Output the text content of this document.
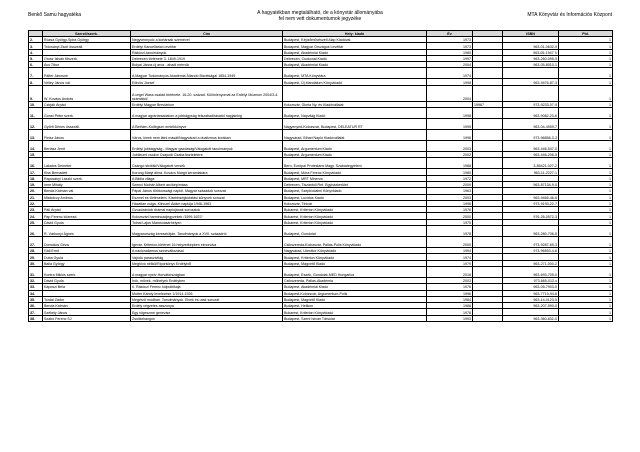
Benkő Samu hagyatéka	A hagyatékban megtalálható, de a könyvtár állományába
fel nem vett dokumentumok jegyzéke
MTA Könyvtár és Információs Központ
	Szerző/szerk.	Cím	Hely: kiadó	Év		ISBN	Pld.
2.	Rózsa György-Spira György	Negyvennyolc a kortársak szemével	Budapest, Képzőművészeti Alap Kiadóvál.	1973			1
3.	Trócsányi Zsolt összeáll.	Erdélyi Kancelláriai Levéltár	Budapest, Magyar Országos Levéltár	1973		963-01-0632-9	1
4.		Rákóczi-tanulmányok	Budapest, Akadémiai Kiadó	1980		963-05-1947 X	1
5.	Orosz István főszerk.	Debrecen története 3. 1849-1919	Debrecen, Csokonai Kiadó	1997		963-260-095-9	1
6.	Ács Tibor	Bolyai János új arca - ahadi mérnök	Budapest, Akadémiai Kiadó	2004		963-05-8010-1	1
7.	Pálfer Jánosné	A Magyar Tudományos Akadémia Állandó Bizottságai 1854-1949	Budapest, MTA Könyvtára	1974			1
8.	Velley János vál.	Eötvös József	Budapest, Új Mandátum Könyvkiadó	1998		963-9476-87-3	1
9.	W. Kovács András	A cegei Wass család története. 16-20. század. Különlenyomat az Erdélyi Múzeum 2004/3-4. számából		2004			1
10.	Czirják Árpád	Erdélyi Magyar Breviárium	Kolozsvár, Gloria Ny. és Kiadóvállalat		19967	973-9233-07-9	1
11.	Gunst Péter szerk.	A magyar agrártársadalom a jobbágyság felszabadításától napjainkig	Budapest, Napvilág Kiadó	1998		963-9082-23-6	1
12.	Győrfi Dénes összeáll.	A Bethlen-Kollégium emlékkönyve	Nagyenyed-Kolozsvár, Budapest, DELEATUR RT	1995		963-04-4959-7	1
13.	Fleisz János	Város, kinek nem látni mását/Nagyvárad a dualizmus korában	Nagyvárad, Bihari Napló Kiadóvállalat	1996		973-96856-3-3	1
14.	Bertász Jenő	Erdélyi jobbágyság - Magyar gazdaság/Válogatott tanulmányok	Budapest, Argumentum Kiadó	2003		963-446-547-0	1
15.		Jubileumi csokor Csapodi Csaba tiszteletére	Budapest, Argumentum Kiadó	2002		963-446-206-5	1
16.	Lakatos Demeter	Csángó strófák/Válogatott versek	Bern, Európai Protestáns Magy. Szabadegyetem	1988		3-85421-027-2	1
17.	Kiss Bernadett	Korong Matyi álma. Kovács Margit keramiakára	Budapest, Móra Ferenc Könyvkiadó	1980		963-11-2227-1	1
18.	Rapcsányi László szerk.	A Biblia világa	Budapest, MRT Minerva	1972			1
19.	Imre Mihály	Szenci Molnár Albert arc/kép/mása	Debrecen, Tiszántúli Ref. Egyházkerület	2009		963-87134-9-0	1
20.	Benda Kálmán vál.	Pápai János törökországi naplói. Magyar századok sorozat	Budapest, Szépirodalmi Könyvkiadó	1963			1
21.	Miskolczy Ambrus	Eszmei és történelem. Kisebbségkutatási könyvek sorozat	Budapest, Lucidus Kiadó	2003		963-9465-46-6	1
22.		Házatlan csiga. Kiinczei Ádám naplója 1946-1963	Kolozsvár, Tinivár	1996		973-9193-22-7	1
23.	Páll Árpád	Gvozdzárdok drámai naplójának sorozatok	Bukarest, Kriterion Könyvkiadó	1976			1
24.	Pap Ferenc közread.	Kolozsvári harmincadjegyzékek /1599-1637/	Bukarest, Kriterion Könyvkiadó	2000		976-26-0572-3	1
25.	Dávid Gyula	Tolnai Lajos Marosvásárhelyen	Bukarest, Kriterion Könyvkiadó	1975			1
26.	R. Várkonyi Ágnes	Magyarország keresztútján. Tanulmányok a XVII. századról	Budapest, Gondolat	1978		963-280-706-5	1
27.	Domokos Géza	Igevár. Kriterion-történet 16 helyzetképben elmondva	Csíkszereda-Kolozsvár, Pallas-Polis Könyvkiadó	2000		973-9287-69-3	1
28.	Gáll Ernő	A nacionalizmus színeváltozásai	Nagyvárad, Literátor Könyvkiadó	1994		973-96553-4-6	1
29.	Duba Gyula	Vajúdó parasztvilág	Budapest, Kriterion Könyvkiadó	1974			1
30.	Balla György	Meghívó nélkül/Riporkönyv Erdélyből	Budapest, Magvető Kiadó	1979		963-271-000-2	1
31.	Kontra Miklós szerk.	A magyar nyelv Horvátországban	Budapest, Eszék, Gondolat-MED Hungarica	2016		963-693-705-0	1
32.	Dávid Gyula	Írók, művek, műhelyek Erdélyben	Csíkszereda, Pallas-Akadémia	2003		973-665-012-x	1
33.	Káposzi Béla	II. Rákóczi Ferenc külpolitikája	Budapest, Akadémiai Kiadó	1976		963-05-7903-0	1
34.		Mutter Károly levelezése 1/1914-1926	Budapest-Kolozsvár, Argumentum-Polis	1996		963-7719-94-6	1
35.	Tordai Zádor	Megérző módban. Tanulmányok. Elvek és utak sorozat	Budapest, Magvető Kiadó	1984		963-14-0123-5	1
36.	Benda Kálmán	Erdély végzetes asszonya	Budapest, Helikon	1986		963-207-590-0	1
37.	Székely János	Egy rögeszme genezise	Bukarest, Kriterion Könyvkiadó	1978			1
38.	Szabó Ferenc SJ	Zsoltárhangon	Budapest, Szent István Társulat	1993		963-360-832-0	1
